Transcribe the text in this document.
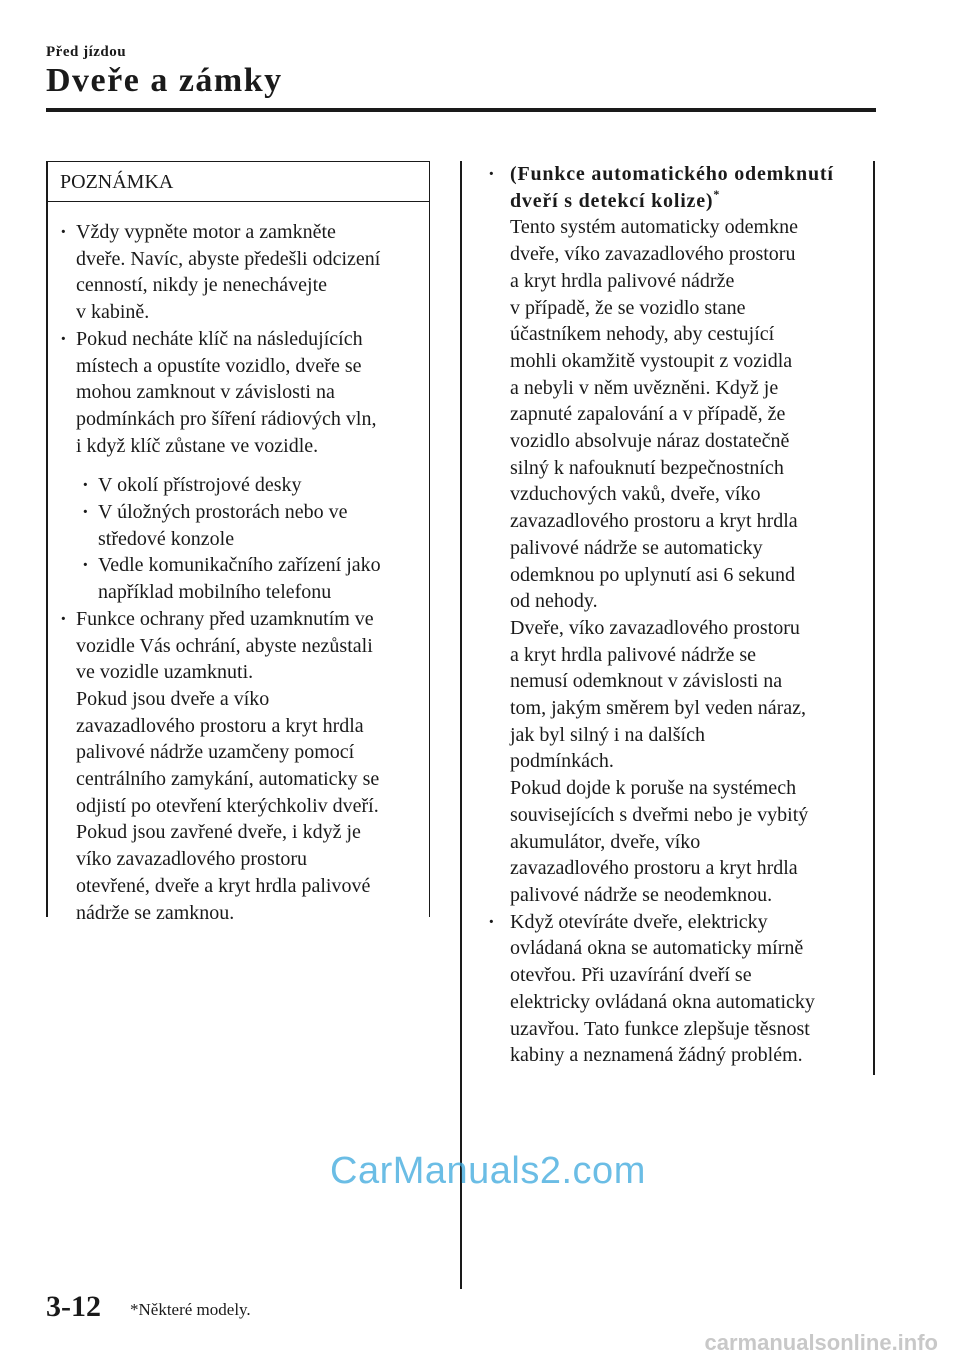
Před jízdou
Dveře a zámky
POZNÁMKA
· Vždy vypněte motor a zamkněte
dveře. Navíc, abyste předešli odcizení
cenností, nikdy je nenechávejte
v kabině.
· Pokud necháte klíč na následujících
místech a opustíte vozidlo, dveře se
mohou zamknout v závislosti na
podmínkách pro šíření rádiových vln,
i když klíč zůstane ve vozidle.
· V okolí přístrojové desky
· V úložných prostorách nebo ve
středové konzole
· Vedle komunikačního zařízení jako
například mobilního telefonu
· Funkce ochrany před uzamknutím ve
vozidle Vás ochrání, abyste nezůstali
ve vozidle uzamknuti.
Pokud jsou dveře a víko
zavazadlového prostoru a kryt hrdla
palivové nádrže uzamčeny pomocí
centrálního zamykání, automaticky se
odjistí po otevření kterýchkoliv dveří.
Pokud jsou zavřené dveře, i když je
víko zavazadlového prostoru
otevřené, dveře a kryt hrdla palivové
nádrže se zamknou.
· (Funkce automatického odemknutí
dveří s detekcí kolize)*
Tento systém automaticky odemkne
dveře, víko zavazadlového prostoru
a kryt hrdla palivové nádrže
v případě, že se vozidlo stane
účastníkem nehody, aby cestující
mohli okamžitě vystoupit z vozidla
a nebyli v něm uvězněni. Když je
zapnuté zapalování a v případě, že
vozidlo absolvuje náraz dostatečně
silný k nafouknutí bezpečnostních
vzduchových vaků, dveře, víko
zavazadlového prostoru a kryt hrdla
palivové nádrže se automaticky
odemknou po uplynutí asi 6 sekund
od nehody.
Dveře, víko zavazadlového prostoru
a kryt hrdla palivové nádrže se
nemusí odemknout v závislosti na
tom, jakým směrem byl veden náraz,
jak byl silný i na dalších
podmínkách.
Pokud dojde k poruše na systémech
souvisejících s dveřmi nebo je vybitý
akumulátor, dveře, víko
zavazadlového prostoru a kryt hrdla
palivové nádrže se neodemknou.
· Když otevíráte dveře, elektricky
ovládaná okna se automaticky mírně
otevřou. Při uzavírání dveří se
elektricky ovládaná okna automaticky
uzavřou. Tato funkce zlepšuje těsnost
kabiny a neznamená žádný problém.
CarManuals2.com
3-12 *Některé modely.
carmanualsonline.info
